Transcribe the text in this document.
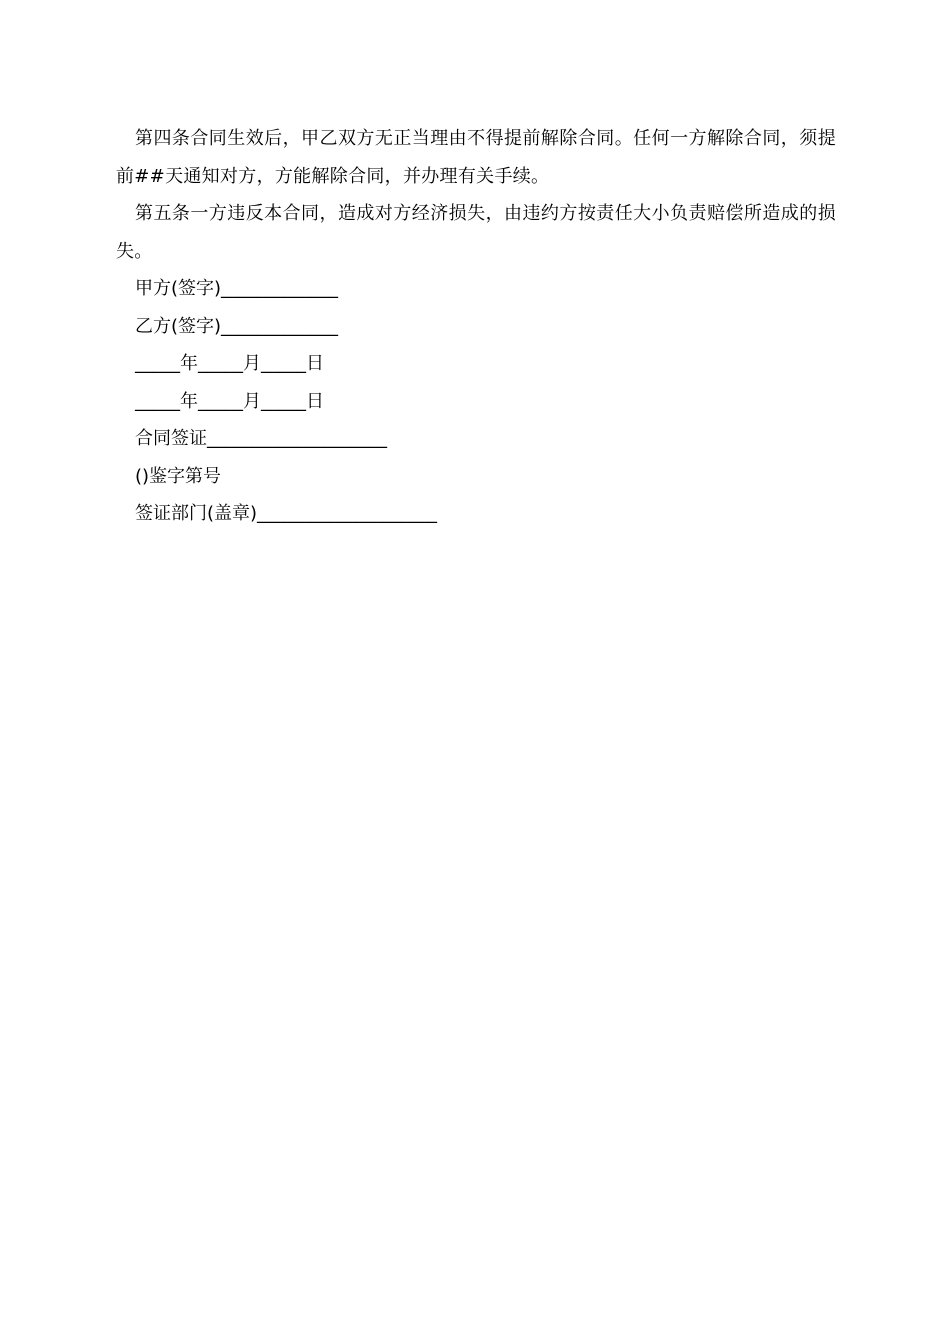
第四条合同生效后，甲乙双方无正当理由不得提前解除合同。任何一方解除合同，须提前##天通知对方，方能解除合同，并办理有关手续。

第五条一方违反本合同，造成对方经济损失，由违约方按责任大小负责赔偿所造成的损失。

甲方(签字)_____________

乙方(签字)_____________

_____年_____月_____日

_____年_____月_____日

合同签证____________________

()鉴字第号

签证部门(盖章)____________________
